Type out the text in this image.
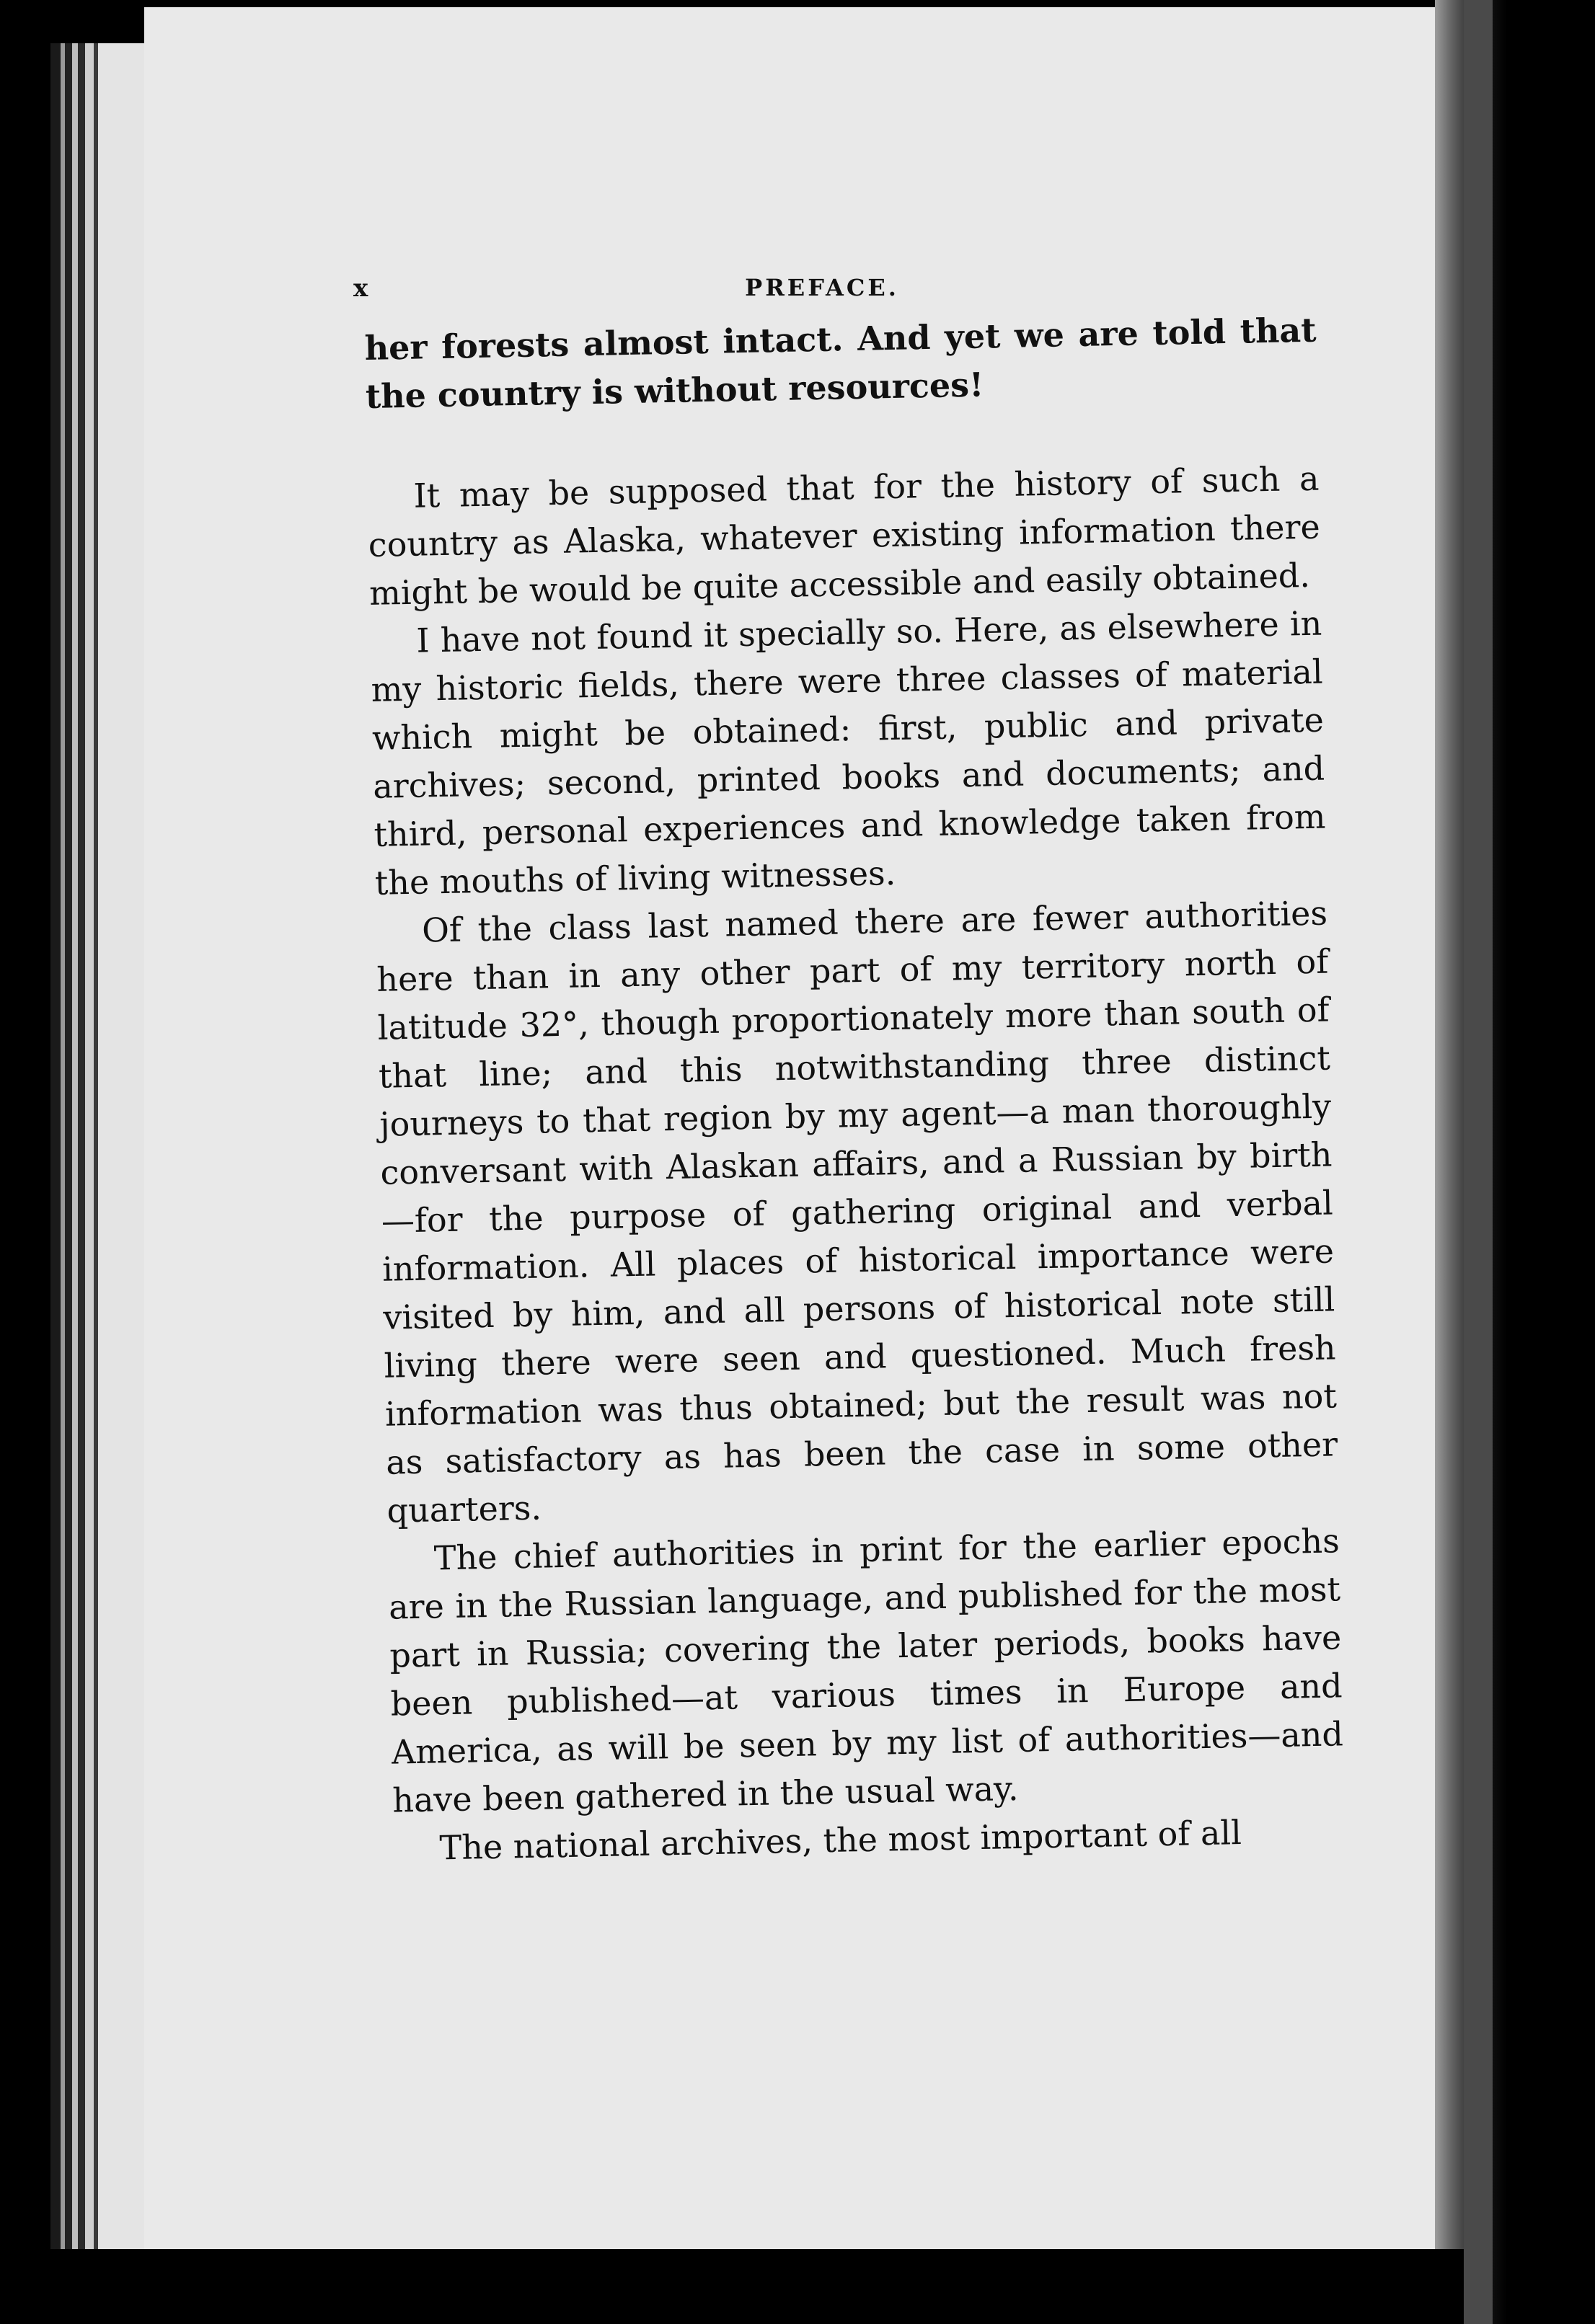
x	PREFACE.

her forests almost intact. And yet we are told that the country is without resources!

It may be supposed that for the history of such a country as Alaska, whatever existing information there might be would be quite accessible and easily obtained.

I have not found it specially so. Here, as elsewhere in my historic fields, there were three classes of material which might be obtained: first, public and private archives; second, printed books and documents; and third, personal experiences and knowledge taken from the mouths of living witnesses.

Of the class last named there are fewer authorities here than in any other part of my territory north of latitude 32°, though proportionately more than south of that line; and this notwithstanding three distinct journeys to that region by my agent—a man thoroughly conversant with Alaskan affairs, and a Russian by birth—for the purpose of gathering original and verbal information. All places of historical importance were visited by him, and all persons of historical note still living there were seen and questioned. Much fresh information was thus obtained; but the result was not as satisfactory as has been the case in some other quarters.

The chief authorities in print for the earlier epochs are in the Russian language, and published for the most part in Russia; covering the later periods, books have been published—at various times in Europe and America, as will be seen by my list of authorities—and have been gathered in the usual way.

The national archives, the most important of all
